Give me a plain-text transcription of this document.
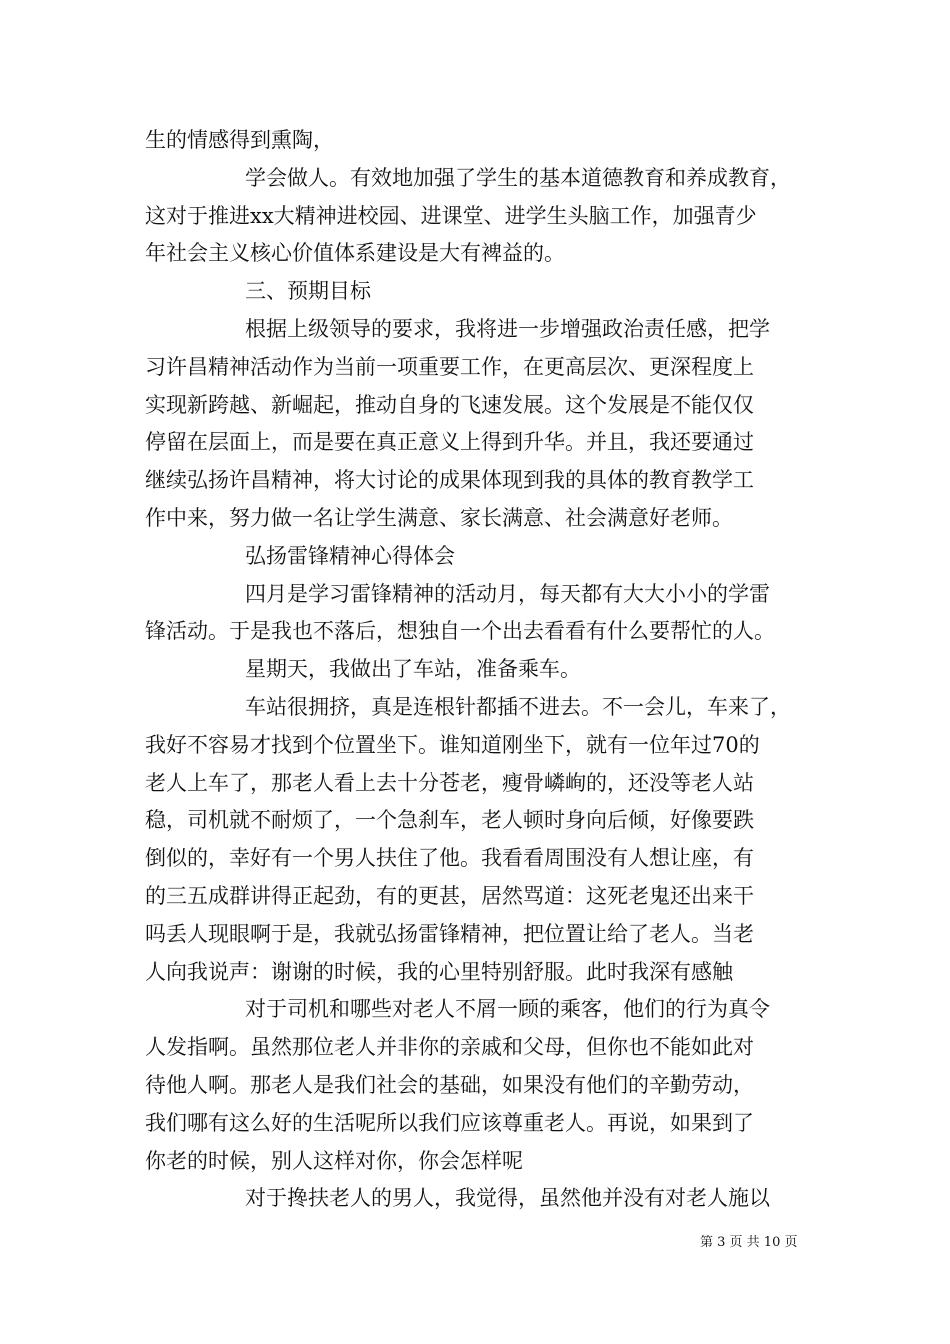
生的情感得到熏陶，
学会做人。有效地加强了学生的基本道德教育和养成教育，
这对于推进xx大精神进校园、进课堂、进学生头脑工作，加强青少
年社会主义核心价值体系建设是大有裨益的。
三、预期目标
根据上级领导的要求，我将进一步增强政治责任感，把学
习许昌精神活动作为当前一项重要工作，在更高层次、更深程度上
实现新跨越、新崛起，推动自身的飞速发展。这个发展是不能仅仅
停留在层面上，而是要在真正意义上得到升华。并且，我还要通过
继续弘扬许昌精神，将大讨论的成果体现到我的具体的教育教学工
作中来，努力做一名让学生满意、家长满意、社会满意好老师。
弘扬雷锋精神心得体会
四月是学习雷锋精神的活动月，每天都有大大小小的学雷
锋活动。于是我也不落后，想独自一个出去看看有什么要帮忙的人。
星期天，我做出了车站，准备乘车。
车站很拥挤，真是连根针都插不进去。不一会儿，车来了，
我好不容易才找到个位置坐下。谁知道刚坐下，就有一位年过70的
老人上车了，那老人看上去十分苍老，瘦骨嶙峋的，还没等老人站
稳，司机就不耐烦了，一个急刹车，老人顿时身向后倾，好像要跌
倒似的，幸好有一个男人扶住了他。我看看周围没有人想让座，有
的三五成群讲得正起劲，有的更甚，居然骂道：这死老鬼还出来干
吗丢人现眼啊于是，我就弘扬雷锋精神，把位置让给了老人。当老
人向我说声：谢谢的时候，我的心里特别舒服。此时我深有感触
对于司机和哪些对老人不屑一顾的乘客，他们的行为真令
人发指啊。虽然那位老人并非你的亲戚和父母，但你也不能如此对
待他人啊。那老人是我们社会的基础，如果没有他们的辛勤劳动，
我们哪有这么好的生活呢所以我们应该尊重老人。再说，如果到了
你老的时候，别人这样对你，你会怎样呢
对于搀扶老人的男人，我觉得，虽然他并没有对老人施以
第 3 页 共 10 页
